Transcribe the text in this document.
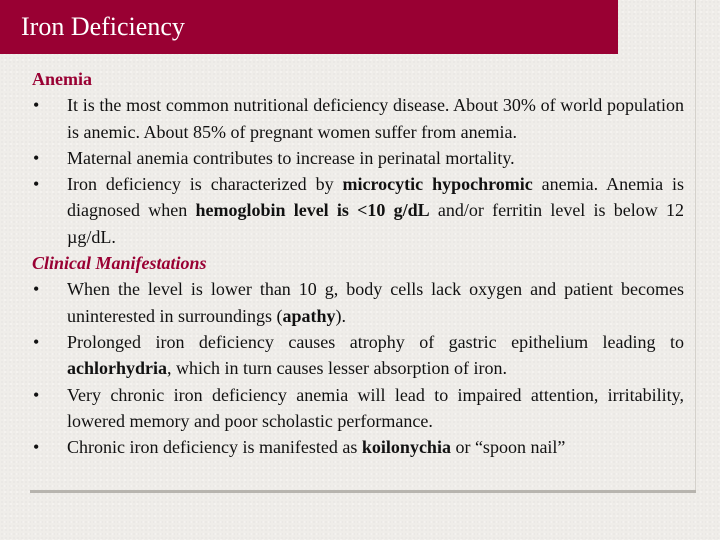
Iron Deficiency
Anemia
•	It is the most common nutritional deficiency disease. About 30% of world population is anemic. About 85% of pregnant women suffer from anemia.
•	Maternal anemia contributes to increase in perinatal mortality.
•	Iron deficiency is characterized by microcytic hypochromic anemia. Anemia is diagnosed when hemoglobin level is <10 g/dL and/or ferritin level is below 12 µg/dL.
Clinical Manifestations
•	When the level is lower than 10 g, body cells lack oxygen and patient becomes uninterested in surroundings (apathy).
•	Prolonged iron deficiency causes atrophy of gastric epithelium leading to achlorhydria, which in turn causes lesser absorption of iron.
•	Very chronic iron deficiency anemia will lead to impaired attention, irritability, lowered memory and poor scholastic performance.
•	Chronic iron deficiency is manifested as koilonychia or “spoon nail”
